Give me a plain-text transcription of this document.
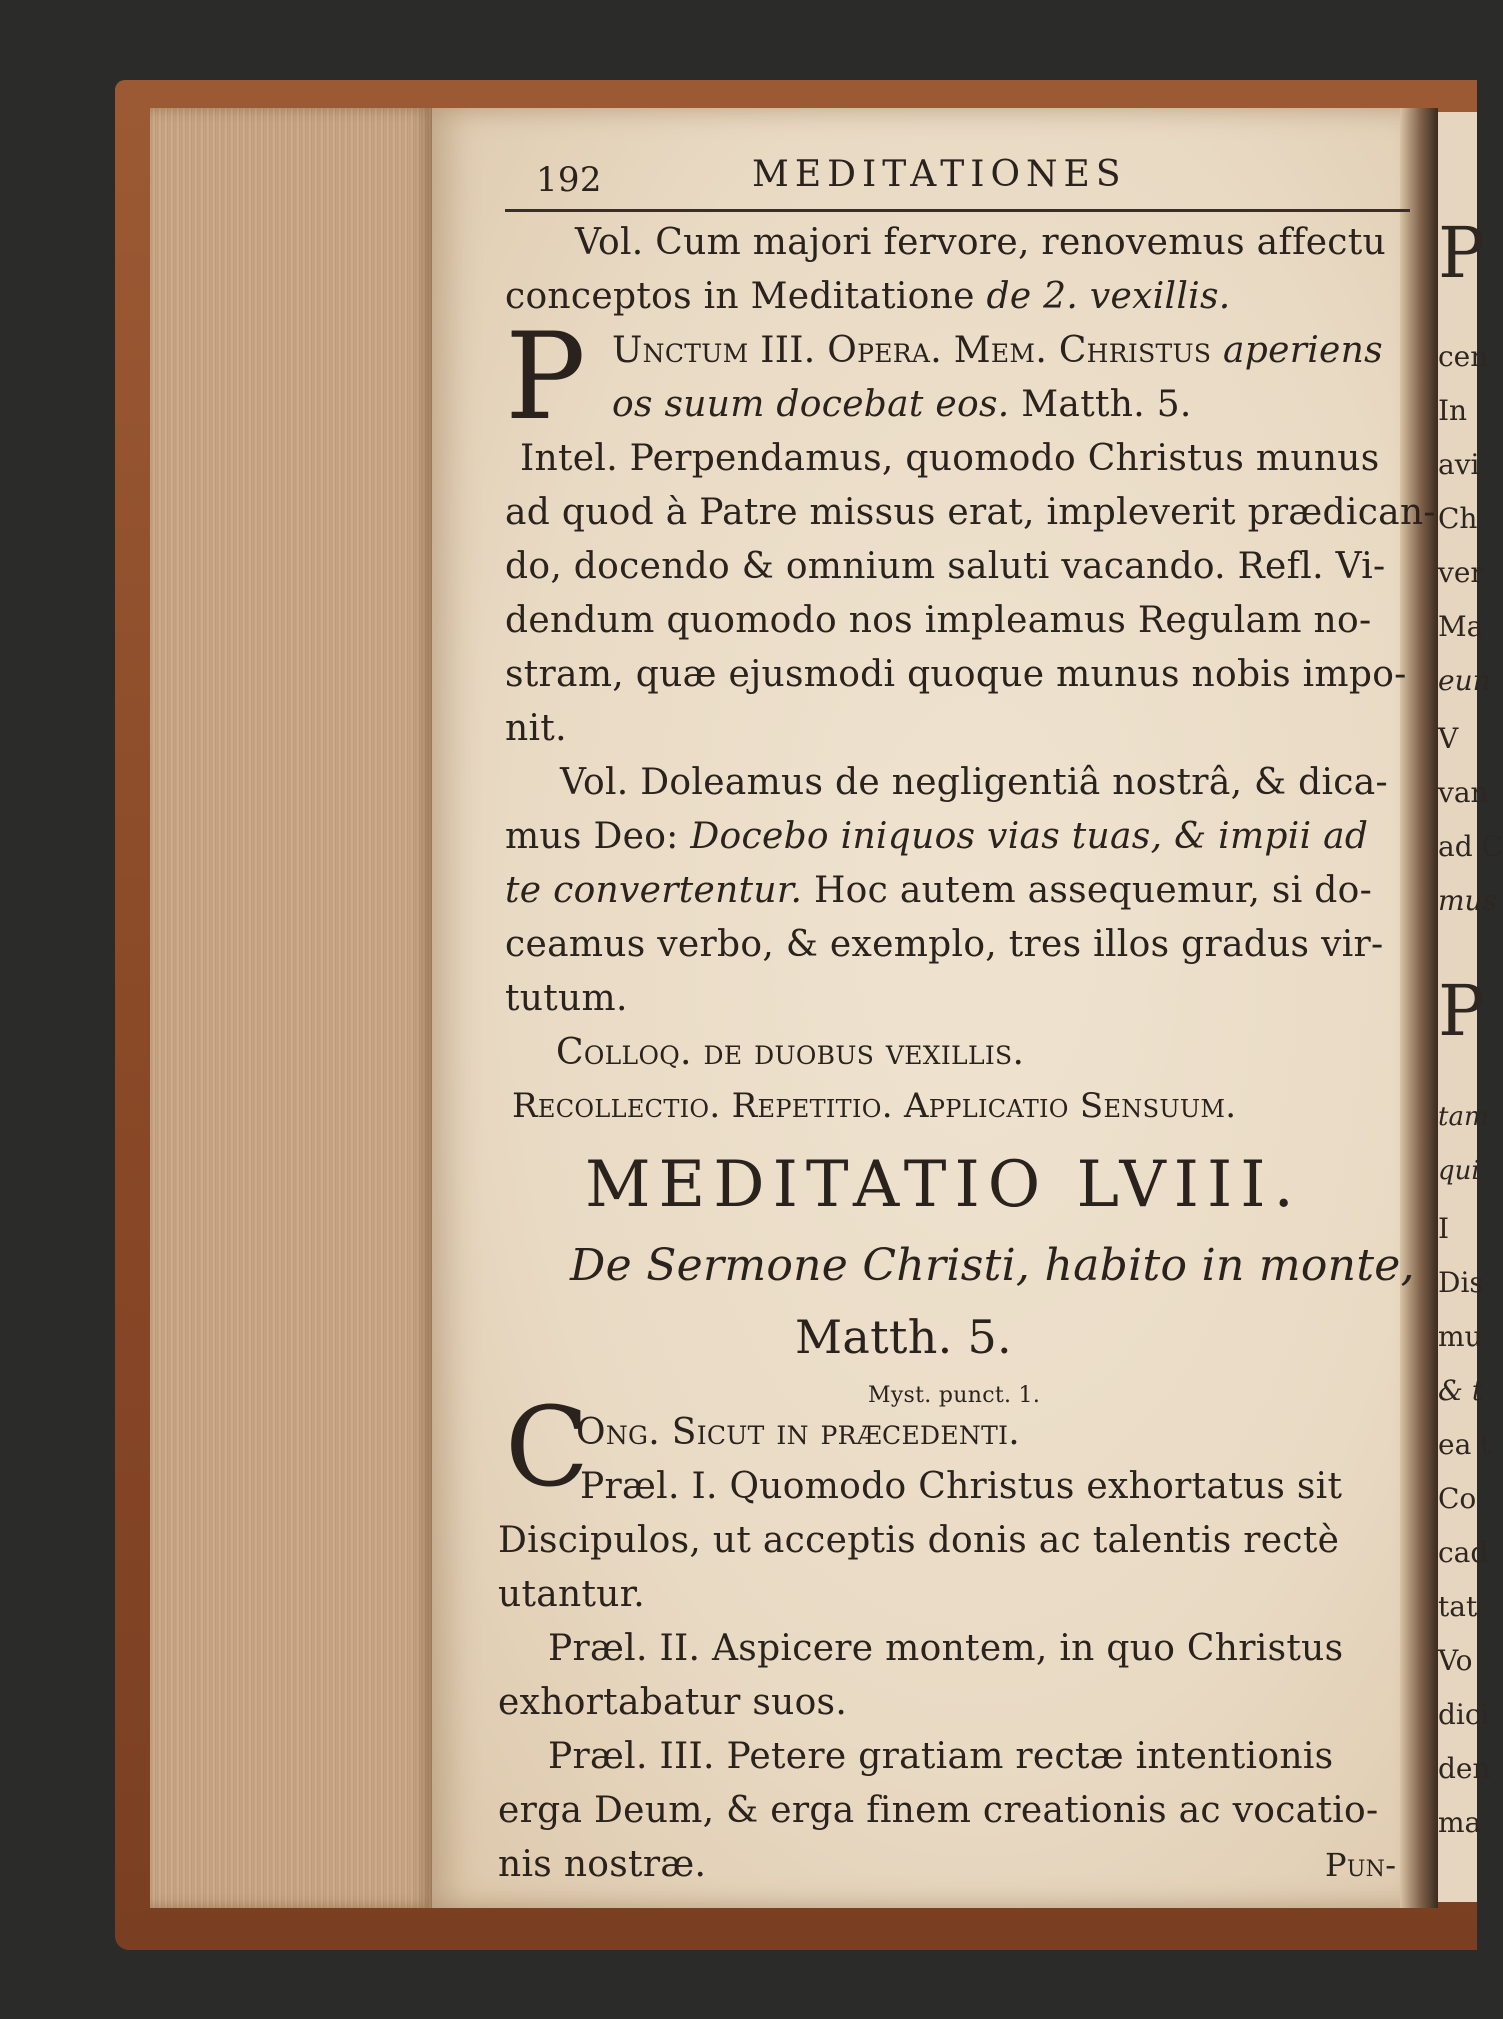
P
cen
In
avi
Ch
ver
Ma
eun
V
van
ad C
mus
P
tam
qui
I
Dis
mu
& t
ea t
Co
cad
tat
Vo
dici
den
ma
192	MEDITATIONES
Vol. Cum majori fervore, renovemus affectu
conceptos in Meditatione de 2. vexillis.
P Unctum III. Opera. Mem. Christus aperiens
os suum docebat eos. Matth. 5.
Intel. Perpendamus, quomodo Christus munus
ad quod à Patre missus erat, impleverit prædican-
do, docendo & omnium saluti vacando. Refl. Vi-
dendum quomodo nos impleamus Regulam no-
stram, quæ ejusmodi quoque munus nobis impo-
nit.
Vol. Doleamus de negligentiâ nostrâ, & dica-
mus Deo: Docebo iniquos vias tuas, & impii ad
te convertentur. Hoc autem assequemur, si do-
ceamus verbo, & exemplo, tres illos gradus vir-
tutum.
Colloq. de duobus vexillis.
Recollectio. Repetitio. Applicatio Sensuum.
MEDITATIO LVIII.
De Sermone Christi, habito in monte,
Matth. 5.
Myst. punct. 1.
C
Ong. Sicut in præcedenti.
Præl. I. Quomodo Christus exhortatus sit
Discipulos, ut acceptis donis ac talentis rectè
utantur.
Præl. II. Aspicere montem, in quo Christus
exhortabatur suos.
Præl. III. Petere gratiam rectæ intentionis
erga Deum, & erga finem creationis ac vocatio-
nis nostræ.	Pun-
